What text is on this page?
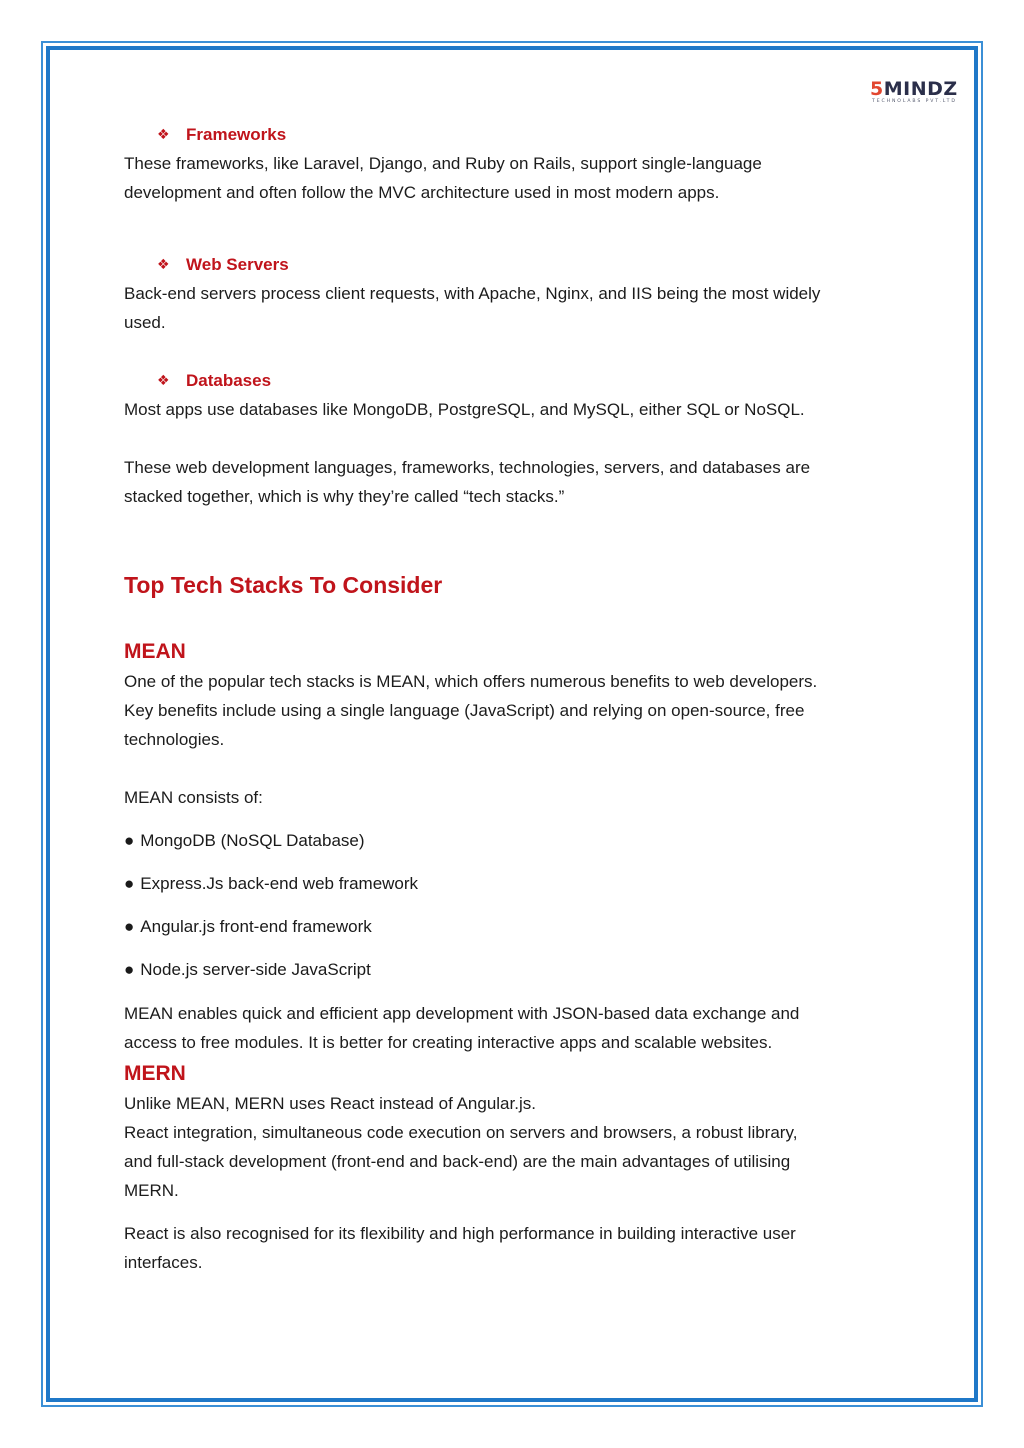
5MINDZ
TECHNOLABS PVT.LTD
❖ Frameworks

These frameworks, like Laravel, Django, and Ruby on Rails, support single-language

development and often follow the MVC architecture used in most modern apps.

❖ Web Servers

Back-end servers process client requests, with Apache, Nginx, and IIS being the most widely

used.

❖ Databases

Most apps use databases like MongoDB, PostgreSQL, and MySQL, either SQL or NoSQL.

These web development languages, frameworks, technologies, servers, and databases are

stacked together, which is why they’re called “tech stacks.”

Top Tech Stacks To Consider
MEAN

One of the popular tech stacks is MEAN, which offers numerous benefits to web developers.

Key benefits include using a single language (JavaScript) and relying on open-source, free

technologies.

MEAN consists of:

● MongoDB (NoSQL Database)

● Express.Js back-end web framework

● Angular.js front-end framework

● Node.js server-side JavaScript

MEAN enables quick and efficient app development with JSON-based data exchange and

access to free modules. It is better for creating interactive apps and scalable websites.

MERN

Unlike MEAN, MERN uses React instead of Angular.js.

React integration, simultaneous code execution on servers and browsers, a robust library,

and full-stack development (front-end and back-end) are the main advantages of utilising

MERN.

React is also recognised for its flexibility and high performance in building interactive user

interfaces.
